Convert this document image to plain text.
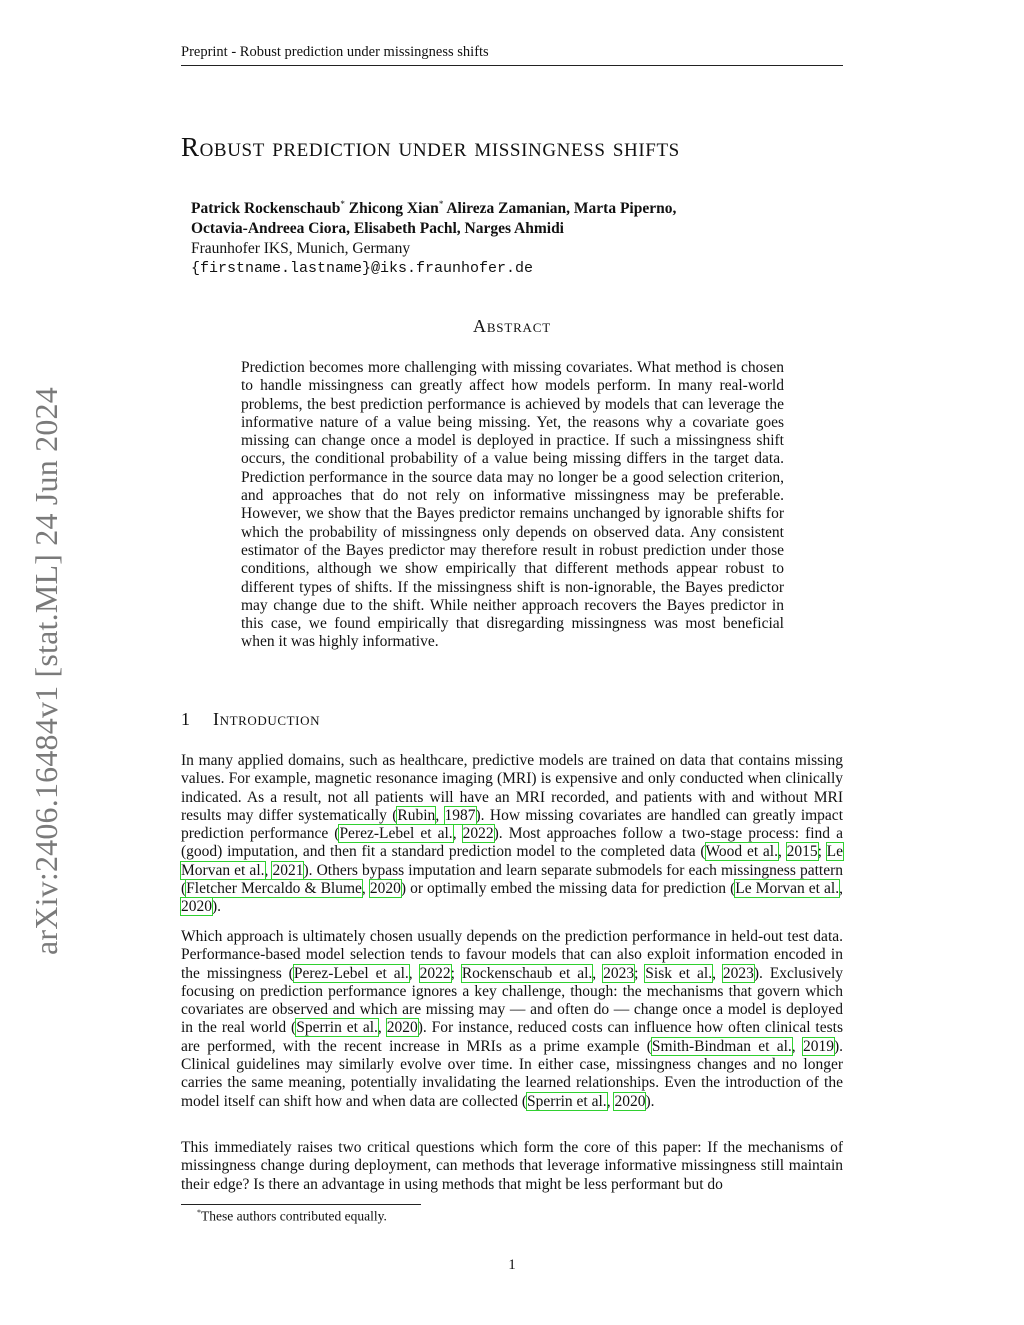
Preprint - Robust prediction under missingness shifts
arXiv:2406.16484v1 [stat.ML] 24 Jun 2024
Robust prediction under missingness shifts
Patrick Rockenschaub* Zhicong Xian* Alireza Zamanian, Marta Piperno,
Octavia-Andreea Ciora, Elisabeth Pachl, Narges Ahmidi
Fraunhofer IKS, Munich, Germany
{firstname.lastname}@iks.fraunhofer.de
Abstract

Prediction becomes more challenging with missing covariates. What method is chosen to handle missingness can greatly affect how models perform. In many real-world problems, the best prediction performance is achieved by models that can leverage the informative nature of a value being missing. Yet, the reasons why a covariate goes missing can change once a model is deployed in practice. If such a missingness shift occurs, the conditional probability of a value being missing differs in the target data. Prediction performance in the source data may no longer be a good selection criterion, and approaches that do not rely on informative missingness may be preferable. However, we show that the Bayes predictor remains unchanged by ignorable shifts for which the probability of missingness only depends on observed data. Any consistent estimator of the Bayes predictor may therefore result in robust prediction under those conditions, although we show empirically that different methods appear robust to different types of shifts. If the missingness shift is non-ignorable, the Bayes predictor may change due to the shift. While neither approach recovers the Bayes predictor in this case, we found empirically that disregarding missingness was most beneficial when it was highly informative.

1 Introduction

In many applied domains, such as healthcare, predictive models are trained on data that contains missing values. For example, magnetic resonance imaging (MRI) is expensive and only conducted when clinically indicated. As a result, not all patients will have an MRI recorded, and patients with and without MRI results may differ systematically (Rubin, 1987). How missing covariates are handled can greatly impact prediction performance (Perez-Lebel et al., 2022). Most approaches follow a two-stage process: find a (good) imputation, and then fit a standard prediction model to the completed data (Wood et al., 2015; Le Morvan et al., 2021). Others bypass imputation and learn separate submodels for each missingness pattern (Fletcher Mercaldo & Blume, 2020) or optimally embed the missing data for prediction (Le Morvan et al., 2020).

Which approach is ultimately chosen usually depends on the prediction performance in held-out test data. Performance-based model selection tends to favour models that can also exploit information encoded in the missingness (Perez-Lebel et al., 2022; Rockenschaub et al., 2023; Sisk et al., 2023). Exclusively focusing on prediction performance ignores a key challenge, though: the mechanisms that govern which covariates are observed and which are missing may — and often do — change once a model is deployed in the real world (Sperrin et al., 2020). For instance, reduced costs can influence how often clinical tests are performed, with the recent increase in MRIs as a prime example (Smith-Bindman et al., 2019). Clinical guidelines may similarly evolve over time. In either case, missingness changes and no longer carries the same meaning, potentially invalidating the learned relationships. Even the introduction of the model itself can shift how and when data are collected (Sperrin et al., 2020).

This immediately raises two critical questions which form the core of this paper: If the mechanisms of missingness change during deployment, can methods that leverage informative missingness still maintain their edge? Is there an advantage in using methods that might be less performant but do

*These authors contributed equally.
1
